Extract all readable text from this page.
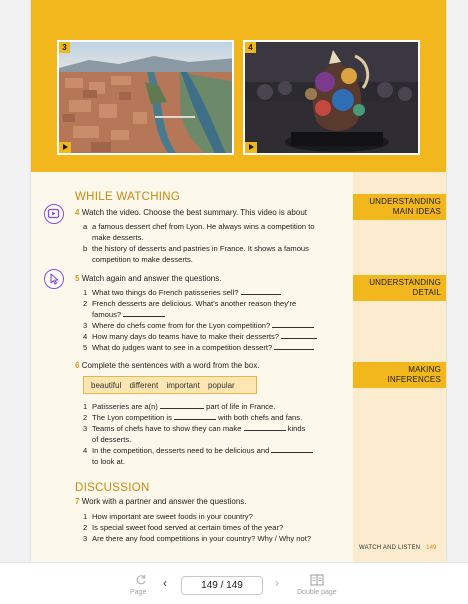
3	4
WHILE WATCHING
4 Watch the video. Choose the best summary. This video is about
a a famous dessert chef from Lyon. He always wins a competition to
make desserts.
b the history of desserts and pastries in France. It shows a famous
competition to make desserts.
5 Watch again and answer the questions.
1 What two things do French patisseries sell?
2 French desserts are delicious. What's another reason they're
famous?
3 Where do chefs come from for the Lyon competition?
4 How many days do teams have to make their desserts?
5 What do judges want to see in a competition dessert?
6 Complete the sentences with a word from the box.
beautiful different important popular
1 Patisseries are a(n)	part of life in France.
2 The Lyon competition is	with both chefs and fans.
3 Teams of chefs have to show they can make	kinds
of desserts.
4 In the competition, desserts need to be delicious and
to look at.
DISCUSSION
7 Work with a partner and answer the questions.
1 How important are sweet foods in your country?
2 Is special sweet food served at certain times of the year?
3 Are there any food competitions in your country? Why / Why not?
WATCH AND LISTEN 149
UNDERSTANDING
MAIN IDEAS
UNDERSTANDING
DETAIL
MAKING
INFERENCES
Page
‹	149 / 149	›
Double page
